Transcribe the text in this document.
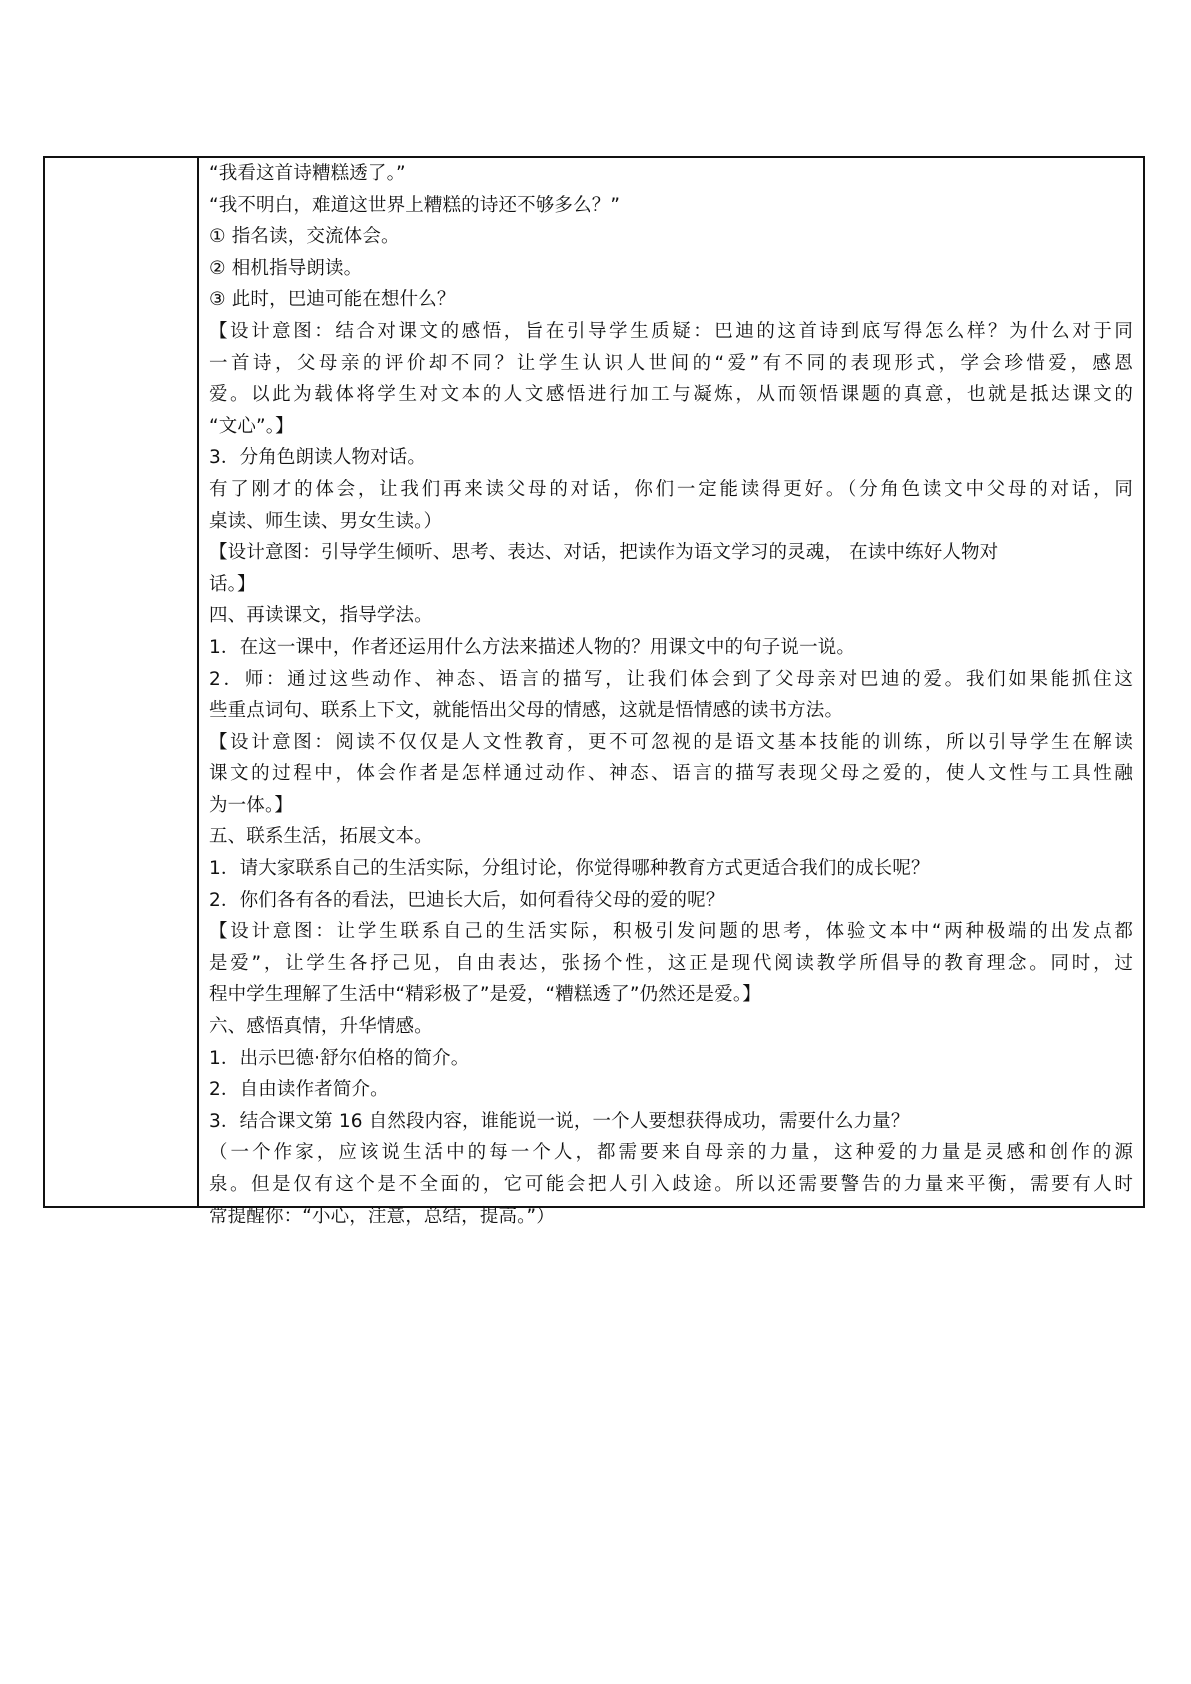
“我看这首诗糟糕透了。”
“我不明白，难道这世界上糟糕的诗还不够多么？”
① 指名读，交流体会。
② 相机指导朗读。
③ 此时，巴迪可能在想什么？
【设计意图：结合对课文的感悟，旨在引导学生质疑：巴迪的这首诗到底写得怎么样？为什么对于同
一首诗，父母亲的评价却不同？让学生认识人世间的“爱”有不同的表现形式，学会珍惜爱，感恩
爱。以此为载体将学生对文本的人文感悟进行加工与凝炼，从而领悟课题的真意，也就是抵达课文的
“文心”。】
3．分角色朗读人物对话。
有了刚才的体会，让我们再来读父母的对话，你们一定能读得更好。（分角色读文中父母的对话，同
桌读、师生读、男女生读。）
【设计意图：引导学生倾听、思考、表达、对话，把读作为语文学习的灵魂， 在读中练好人物对
话。】
四、再读课文，指导学法。
1．在这一课中，作者还运用什么方法来描述人物的？用课文中的句子说一说。
2．师：通过这些动作、神态、语言的描写，让我们体会到了父母亲对巴迪的爱。我们如果能抓住这
些重点词句、联系上下文，就能悟出父母的情感，这就是悟情感的读书方法。
【设计意图：阅读不仅仅是人文性教育，更不可忽视的是语文基本技能的训练，所以引导学生在解读
课文的过程中，体会作者是怎样通过动作、神态、语言的描写表现父母之爱的，使人文性与工具性融
为一体。】
五、联系生活，拓展文本。
1．请大家联系自己的生活实际，分组讨论，你觉得哪种教育方式更适合我们的成长呢？
2．你们各有各的看法，巴迪长大后，如何看待父母的爱的呢？
【设计意图：让学生联系自己的生活实际，积极引发问题的思考，体验文本中“两种极端的出发点都
是爱”，让学生各抒己见，自由表达，张扬个性，这正是现代阅读教学所倡导的教育理念。同时，过
程中学生理解了生活中“精彩极了”是爱，“糟糕透了”仍然还是爱。】
六、感悟真情，升华情感。
1．出示巴德·舒尔伯格的简介。
2．自由读作者简介。
3．结合课文第 16 自然段内容，谁能说一说，一个人要想获得成功，需要什么力量？
（一个作家，应该说生活中的每一个人，都需要来自母亲的力量，这种爱的力量是灵感和创作的源
泉。但是仅有这个是不全面的，它可能会把人引入歧途。所以还需要警告的力量来平衡，需要有人时
常提醒你：“小心，注意，总结，提高。”）
